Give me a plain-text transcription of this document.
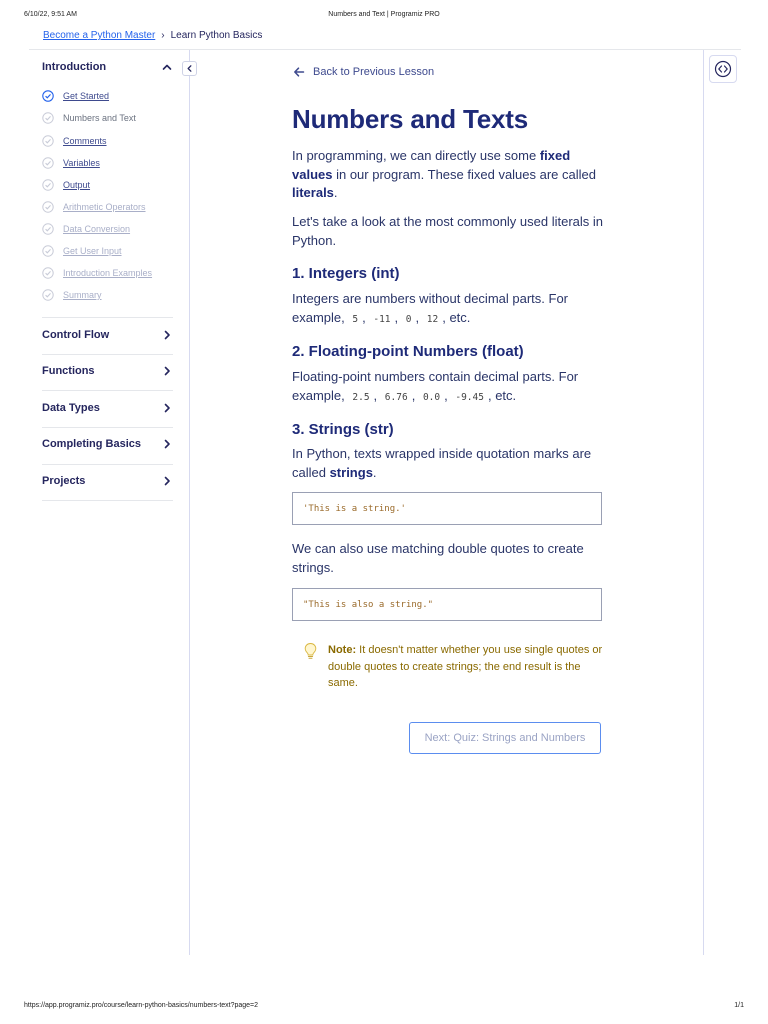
6/10/22, 9:51 AM	Numbers and Text | Programiz PRO
Become a Python Master › Learn Python Basics
Introduction
Get Started
Numbers and Text
Comments
Variables
Output
Arithmetic Operators
Data Conversion
Get User Input
Introduction Examples
Summary
Control Flow
Functions
Data Types
Completing Basics
Projects
Back to Previous Lesson
Numbers and Texts
In programming, we can directly use some fixed values in our program. These fixed values are called literals.
Let's take a look at the most commonly used literals in Python.
1. Integers (int)
Integers are numbers without decimal parts. For example, 5 , -11 , 0 , 12 , etc.
2. Floating-point Numbers (float)
Floating-point numbers contain decimal parts. For example, 2.5 , 6.76 , 0.0 , -9.45 , etc.
3. Strings (str)
In Python, texts wrapped inside quotation marks are called strings.
'This is a string.'
We can also use matching double quotes to create strings.
"This is also a string."
Note: It doesn't matter whether you use single quotes or double quotes to create strings; the end result is the same.
Next: Quiz: Strings and Numbers
https://app.programiz.pro/course/learn-python-basics/numbers-text?page=2	1/1
